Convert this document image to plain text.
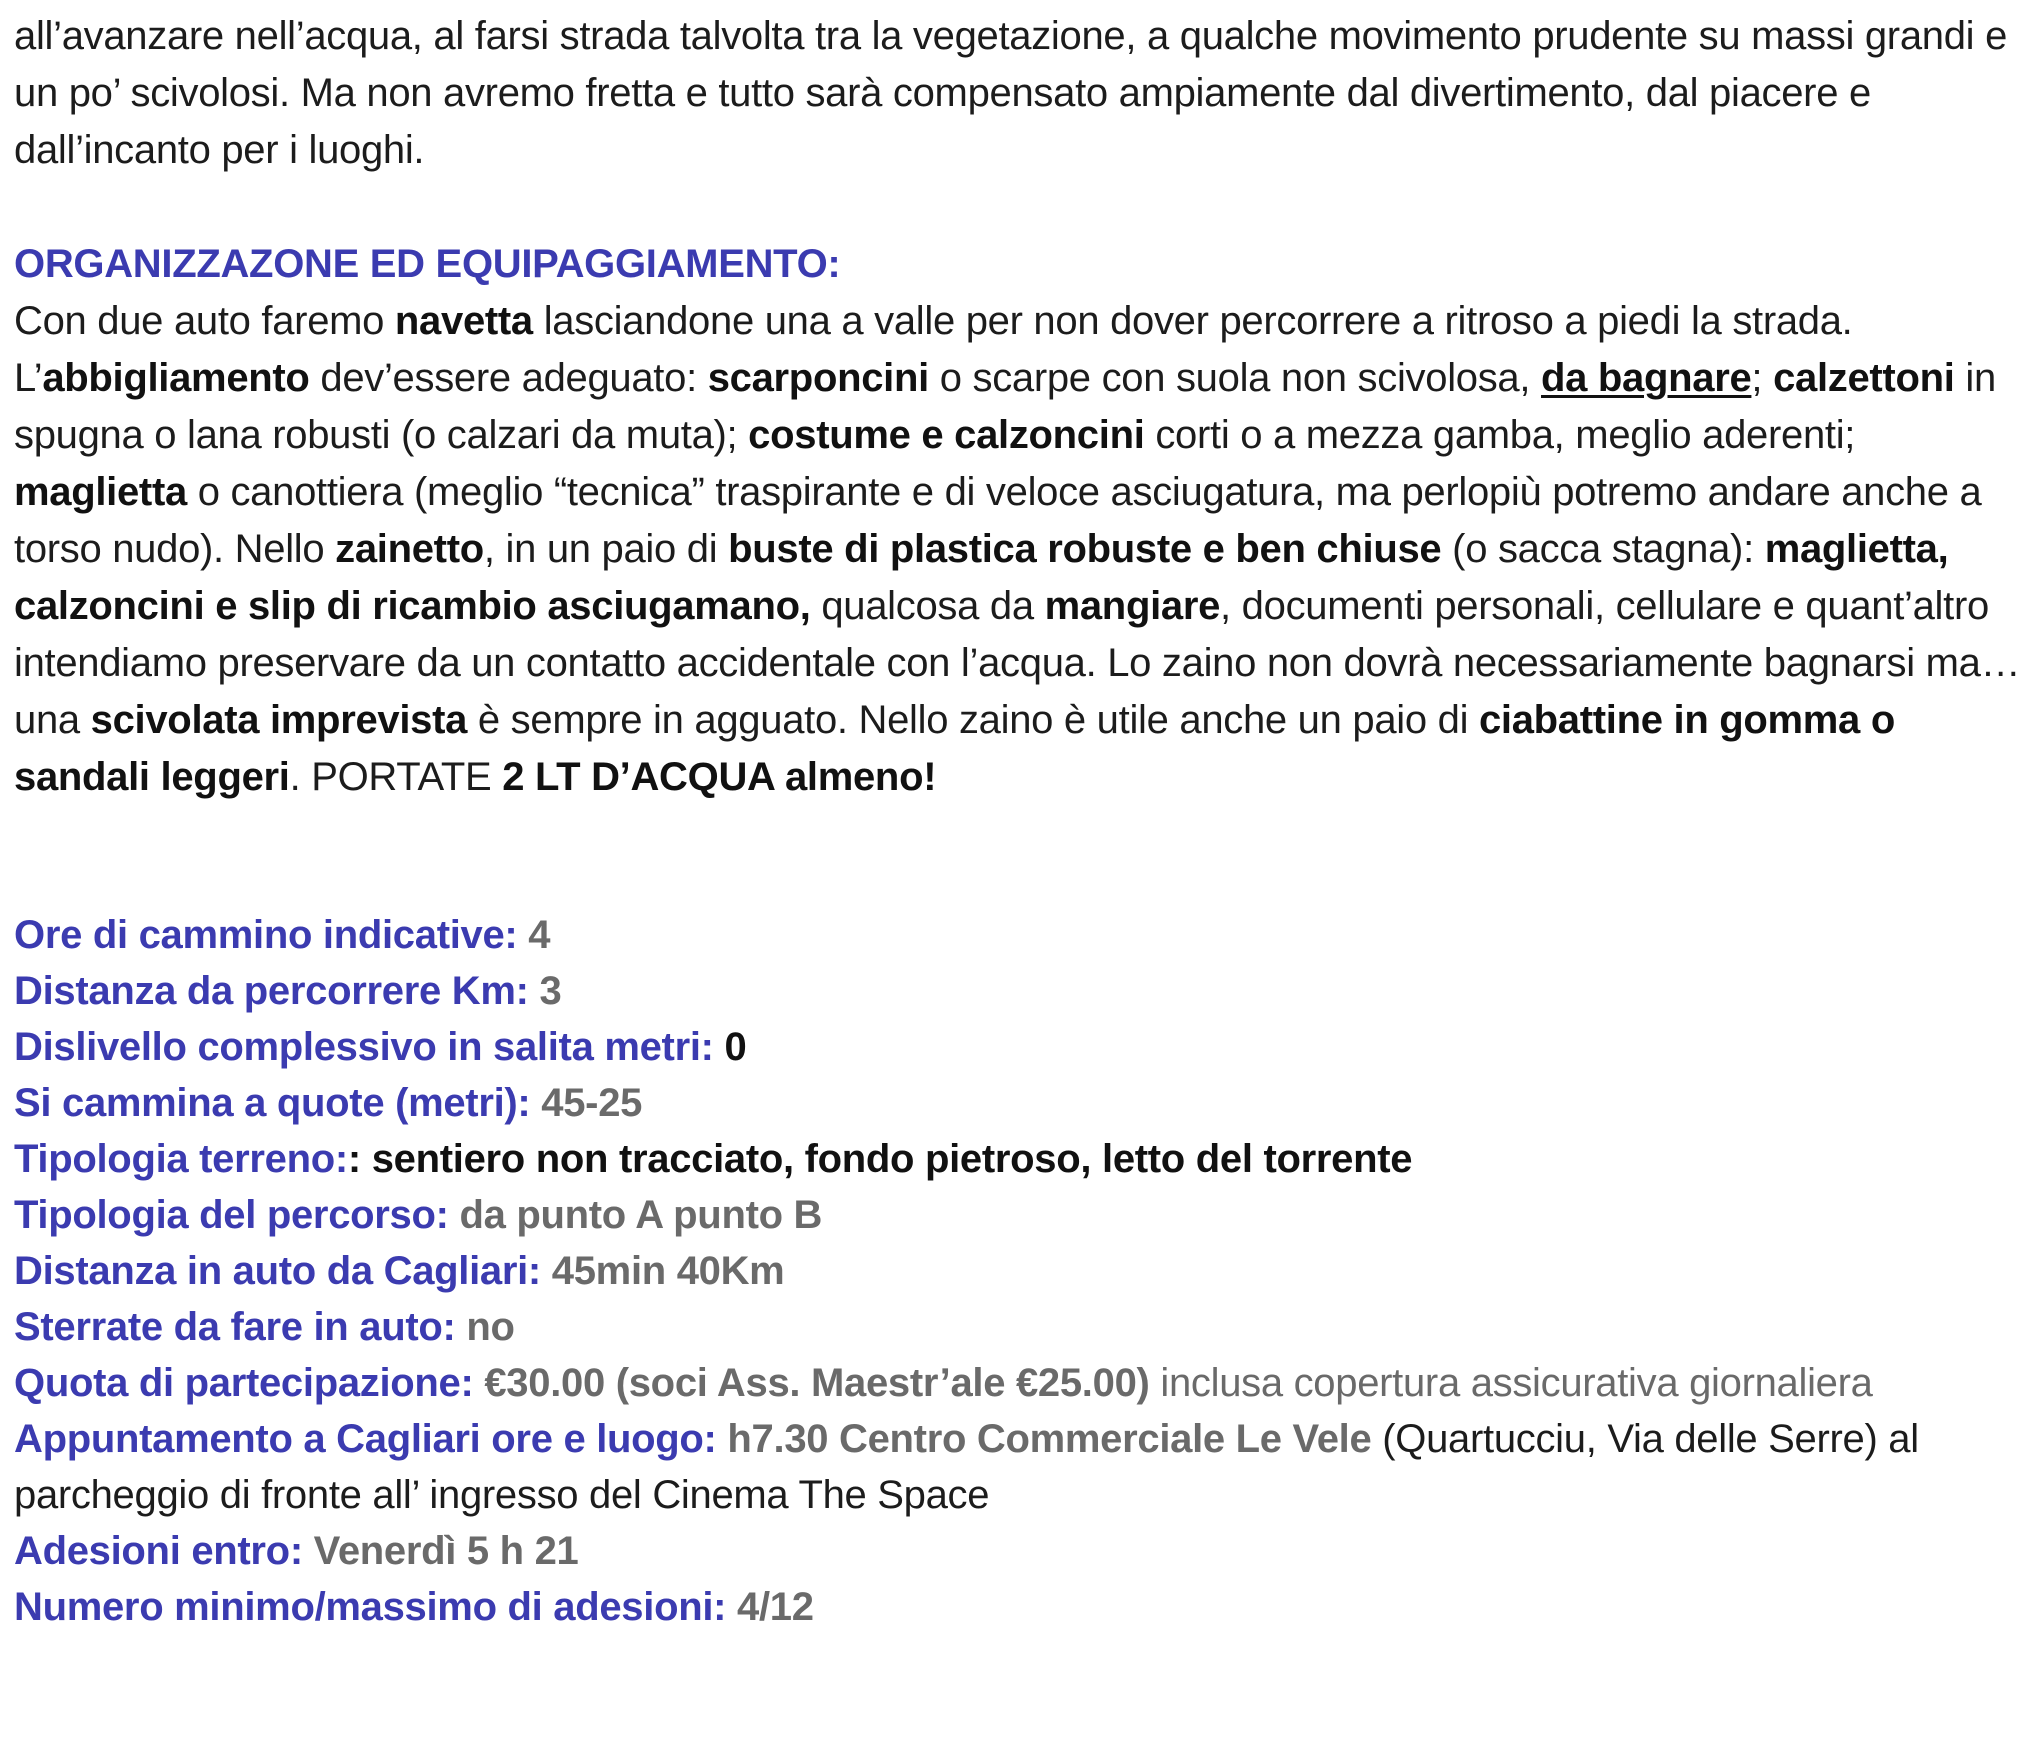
all’avanzare nell’acqua, al farsi strada talvolta tra la vegetazione, a qualche movimento prudente su massi grandi e un po’ scivolosi. Ma non avremo fretta e tutto sarà compensato ampiamente dal divertimento, dal piacere e dall’incanto per i luoghi.

ORGANIZZAZONE ED EQUIPAGGIAMENTO:

Con due auto faremo navetta lasciandone una a valle per non dover percorrere a ritroso a piedi la strada. L’abbigliamento dev’essere adeguato: scarponcini o scarpe con suola non scivolosa, da bagnare; calzettoni in spugna o lana robusti (o calzari da muta); costume e calzoncini corti o a mezza gamba, meglio aderenti; maglietta o canottiera (meglio “tecnica” traspirante e di veloce asciugatura, ma perlopiù potremo andare anche a torso nudo). Nello zainetto, in un paio di buste di plastica robuste e ben chiuse (o sacca stagna): maglietta, calzoncini e slip di ricambio asciugamano, qualcosa da mangiare, documenti personali, cellulare e quant’altro intendiamo preservare da un contatto accidentale con l’acqua. Lo zaino non dovrà necessariamente bagnarsi ma… una scivolata imprevista è sempre in agguato. Nello zaino è utile anche un paio di ciabattine in gomma o sandali leggeri. PORTATE 2 LT D’ACQUA almeno!

Ore di cammino indicative: 4
Distanza da percorrere Km: 3
Dislivello complessivo in salita metri: 0
Si cammina a quote (metri): 45-25
Tipologia terreno:: sentiero non tracciato, fondo pietroso, letto del torrente
Tipologia del percorso: da punto A punto B
Distanza in auto da Cagliari: 45min 40Km
Sterrate da fare in auto: no
Quota di partecipazione: €30.00 (soci Ass. Maestr’ale €25.00) inclusa copertura assicurativa giornaliera
Appuntamento a Cagliari ore e luogo: h7.30 Centro Commerciale Le Vele (Quartucciu, Via delle Serre) al parcheggio di fronte all’ ingresso del Cinema The Space
Adesioni entro: Venerdì 5 h 21
Numero minimo/massimo di adesioni: 4/12
